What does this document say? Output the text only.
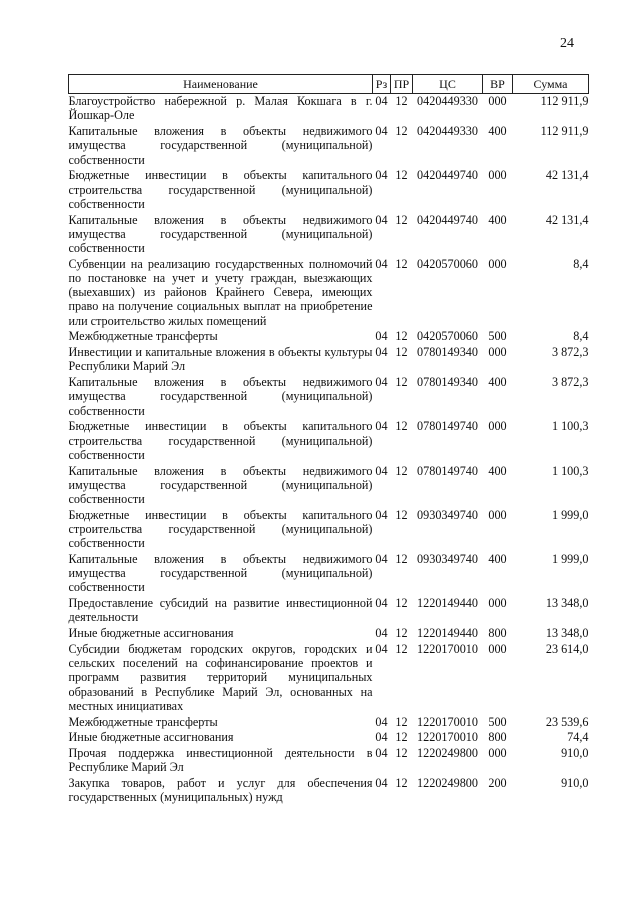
24
Наименование	Рз	ПР	ЦС	ВР	Сумма
Благоустройство набережной р. Малая Кокшага в г. Йошкар-Оле	04	12	0420449330	000	112 911,9
Капитальные вложения в объекты недвижимого имущества государственной (муниципальной) собственности	04	12	0420449330	400	112 911,9
Бюджетные инвестиции в объекты капитального строительства государственной (муниципальной) собственности	04	12	0420449740	000	42 131,4
Капитальные вложения в объекты недвижимого имущества государственной (муниципальной) собственности	04	12	0420449740	400	42 131,4
Субвенции на реализацию государственных полномочий по постановке на учет и учету граждан, выезжающих (выехавших) из районов Крайнего Севера, имеющих право на получение социальных выплат на приобретение или строительство жилых помещений	04	12	0420570060	000	8,4
Межбюджетные трансферты	04	12	0420570060	500	8,4
Инвестиции и капитальные вложения в объекты культуры Республики Марий Эл	04	12	0780149340	000	3 872,3
Капитальные вложения в объекты недвижимого имущества государственной (муниципальной) собственности	04	12	0780149340	400	3 872,3
Бюджетные инвестиции в объекты капитального строительства государственной (муниципальной) собственности	04	12	0780149740	000	1 100,3
Капитальные вложения в объекты недвижимого имущества государственной (муниципальной) собственности	04	12	0780149740	400	1 100,3
Бюджетные инвестиции в объекты капитального строительства государственной (муниципальной) собственности	04	12	0930349740	000	1 999,0
Капитальные вложения в объекты недвижимого имущества государственной (муниципальной) собственности	04	12	0930349740	400	1 999,0
Предоставление субсидий на развитие инвестиционной деятельности	04	12	1220149440	000	13 348,0
Иные бюджетные ассигнования	04	12	1220149440	800	13 348,0
Субсидии бюджетам городских округов, городских и сельских поселений на софинансирование проектов и программ развития территорий муниципальных образований в Республике Марий Эл, основанных на местных инициативах	04	12	1220170010	000	23 614,0
Межбюджетные трансферты	04	12	1220170010	500	23 539,6
Иные бюджетные ассигнования	04	12	1220170010	800	74,4
Прочая поддержка инвестиционной деятельности в Республике Марий Эл	04	12	1220249800	000	910,0
Закупка товаров, работ и услуг для обеспечения государственных (муниципальных) нужд	04	12	1220249800	200	910,0
